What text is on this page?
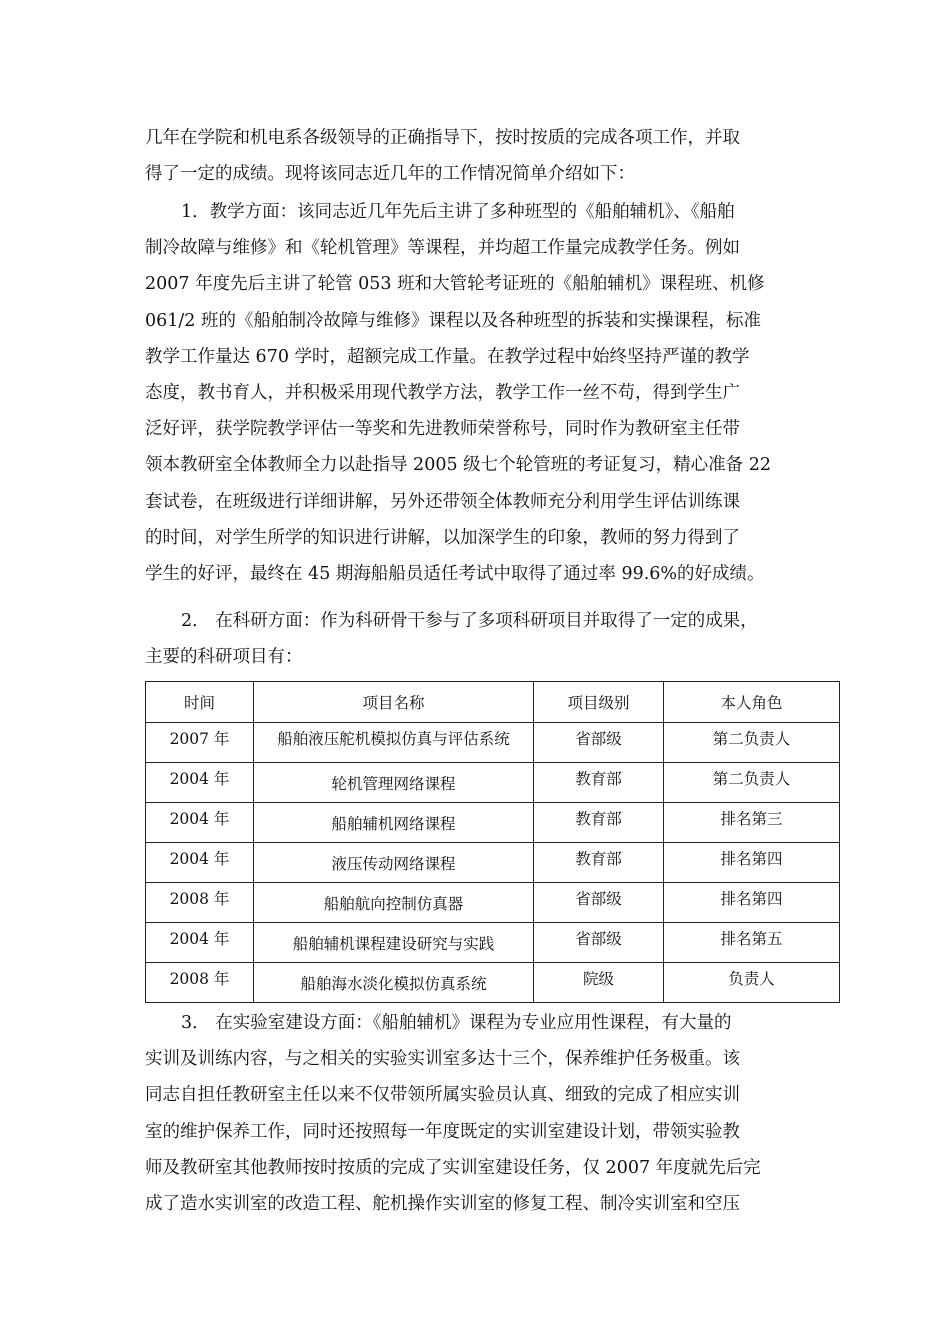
几年在学院和机电系各级领导的正确指导下，按时按质的完成各项工作，并取
得了一定的成绩。现将该同志近几年的工作情况简单介绍如下：
1．教学方面：该同志近几年先后主讲了多种班型的《船舶辅机》、《船舶
制冷故障与维修》和《轮机管理》等课程，并均超工作量完成教学任务。例如
2007 年度先后主讲了轮管 053 班和大管轮考证班的《船舶辅机》课程班、机修
061/2 班的《船舶制冷故障与维修》课程以及各种班型的拆装和实操课程，标准
教学工作量达 670 学时，超额完成工作量。在教学过程中始终坚持严谨的教学
态度，教书育人，并积极采用现代教学方法，教学工作一丝不苟，得到学生广
泛好评，获学院教学评估一等奖和先进教师荣誉称号，同时作为教研室主任带
领本教研室全体教师全力以赴指导 2005 级七个轮管班的考证复习，精心准备 22
套试卷，在班级进行详细讲解，另外还带领全体教师充分利用学生评估训练课
的时间，对学生所学的知识进行讲解，以加深学生的印象，教师的努力得到了
学生的好评，最终在 45 期海船船员适任考试中取得了通过率 99.6%的好成绩。
2． 在科研方面：作为科研骨干参与了多项科研项目并取得了一定的成果，
主要的科研项目有：
时间	项目名称	项目级别	本人角色
2007 年	船舶液压舵机模拟仿真与评估系统	省部级	第二负责人
2004 年	轮机管理网络课程	教育部	第二负责人
2004 年	船舶辅机网络课程	教育部	排名第三
2004 年	液压传动网络课程	教育部	排名第四
2008 年	船舶航向控制仿真器	省部级	排名第四
2004 年	船舶辅机课程建设研究与实践	省部级	排名第五
2008 年	船舶海水淡化模拟仿真系统	院级	负责人
3． 在实验室建设方面：《船舶辅机》课程为专业应用性课程，有大量的
实训及训练内容，与之相关的实验实训室多达十三个，保养维护任务极重。该
同志自担任教研室主任以来不仅带领所属实验员认真、细致的完成了相应实训
室的维护保养工作，同时还按照每一年度既定的实训室建设计划，带领实验教
师及教研室其他教师按时按质的完成了实训室建设任务，仅 2007 年度就先后完
成了造水实训室的改造工程、舵机操作实训室的修复工程、制冷实训室和空压
